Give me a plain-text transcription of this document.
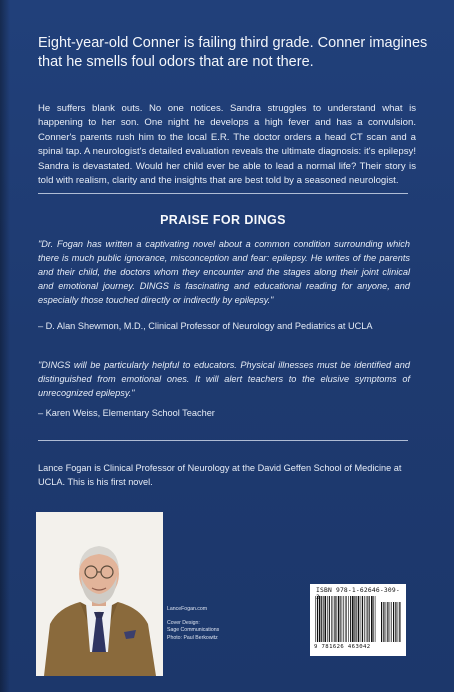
Eight-year-old Conner is failing third grade. Conner imagines that he smells foul odors that are not there.
He suffers blank outs. No one notices. Sandra struggles to understand what is happening to her son. One night he develops a high fever and has a convulsion. Conner's parents rush him to the local E.R. The doctor orders a head CT scan and a spinal tap. A neurologist's detailed evaluation reveals the ultimate diagnosis: it's epilepsy! Sandra is devastated. Would her child ever be able to lead a normal life? Their story is told with realism, clarity and the insights that are best told by a seasoned neurologist.
PRAISE FOR DINGS
"Dr. Fogan has written a captivating novel about a common condition surrounding which there is much public ignorance, misconception and fear: epilepsy. He writes of the parents and their child, the doctors whom they encounter and the stages along their joint clinical and emotional journey. DINGS is fascinating and educational reading for anyone, and especially those touched directly or indirectly by epilepsy."
– D. Alan Shewmon, M.D., Clinical Professor of Neurology and Pediatrics at UCLA
"DINGS will be particularly helpful to educators. Physical illnesses must be identified and distinguished from emotional ones. It will alert teachers to the elusive symptoms of unrecognized epilepsy."
– Karen Weiss, Elementary School Teacher
Lance Fogan is Clinical Professor of Neurology at the David Geffen School of Medicine at UCLA. This is his first novel.
LanceFogan.com
Cover Design:
Sage Communications
Photo: Paul Berkowitz
ISBN 978-1-62646-309-
9 781626 463042
